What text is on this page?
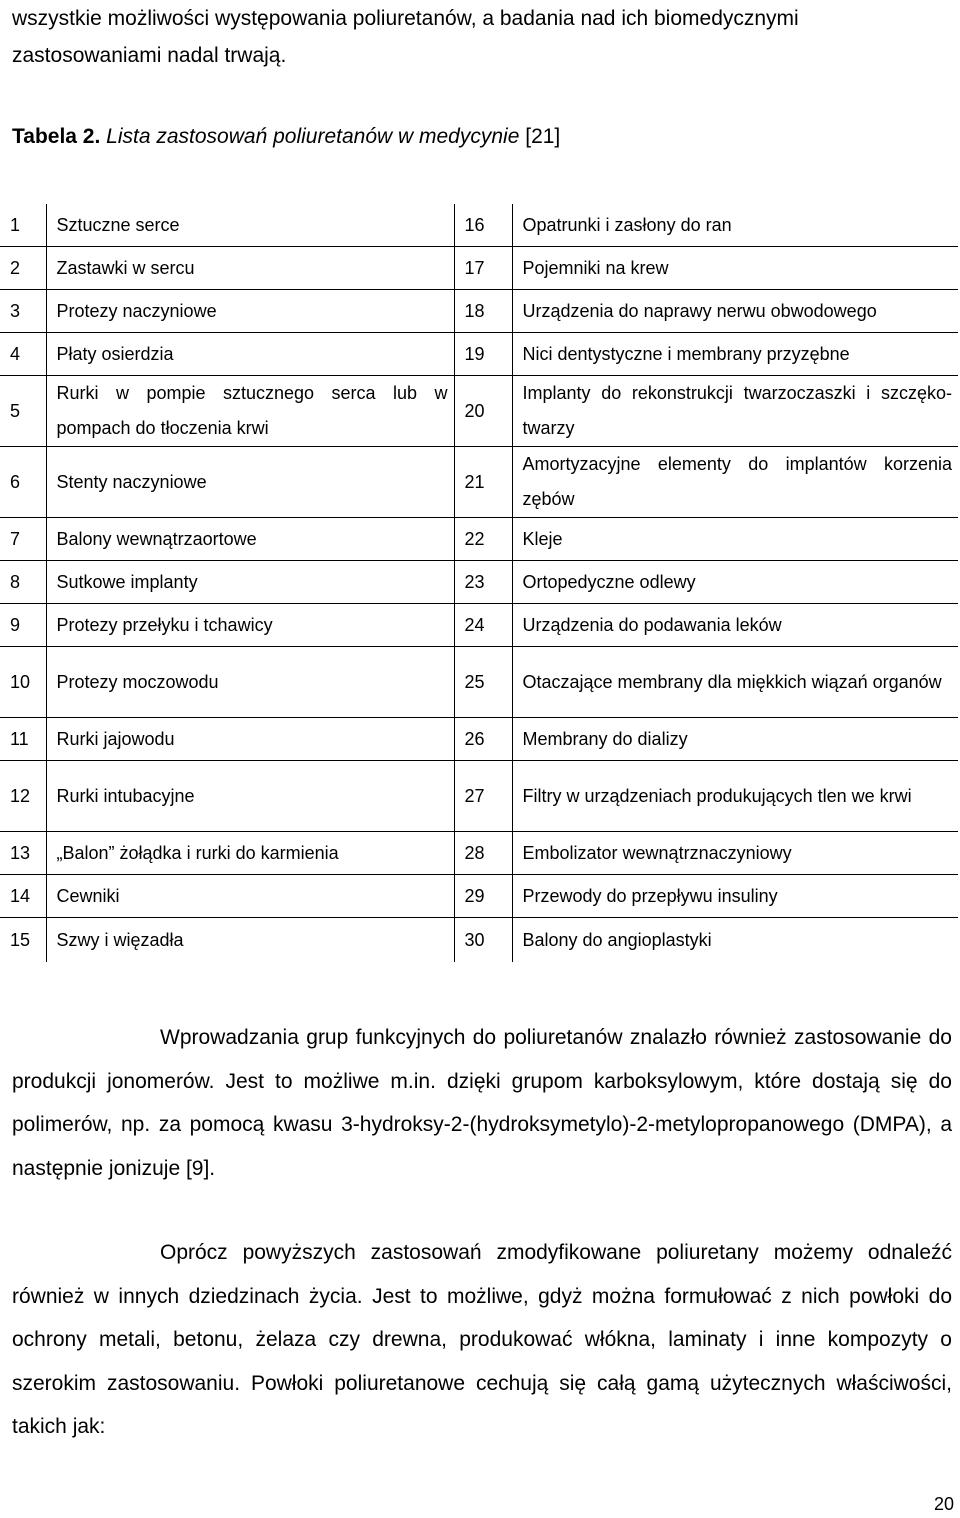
wszystkie możliwości występowania poliuretanów, a badania nad ich biomedycznymi zastosowaniami nadal trwają.
Tabela 2. Lista zastosowań poliuretanów w medycynie [21]
1	Sztuczne serce	16	Opatrunki i zasłony do ran
2	Zastawki w sercu	17	Pojemniki na krew
3	Protezy naczyniowe	18	Urządzenia do naprawy nerwu obwodowego
4	Płaty osierdzia	19	Nici dentystyczne i membrany przyzębne
5	Rurki w pompie sztucznego serca lub w pompach do tłoczenia krwi	20	Implanty do rekonstrukcji twarzoczaszki i szczęko-twarzy
6	Stenty naczyniowe	21	Amortyzacyjne elementy do implantów korzenia zębów
7	Balony wewnątrzaortowe	22	Kleje
8	Sutkowe implanty	23	Ortopedyczne odlewy
9	Protezy przełyku i tchawicy	24	Urządzenia do podawania leków
10	Protezy moczowodu	25	Otaczające membrany dla miękkich wiązań organów
11	Rurki jajowodu	26	Membrany do dializy
12	Rurki intubacyjne	27	Filtry w urządzeniach produkujących tlen we krwi
13	„Balon” żołądka i rurki do karmienia	28	Embolizator wewnątrznaczyniowy
14	Cewniki	29	Przewody do przepływu insuliny
15	Szwy i więzadła	30	Balony do angioplastyki
Wprowadzania grup funkcyjnych do poliuretanów znalazło również zastosowanie do produkcji jonomerów. Jest to możliwe m.in. dzięki grupom karboksylowym, które dostają się do polimerów, np. za pomocą kwasu 3-hydroksy-2-(hydroksymetylo)-2-metylopropanowego (DMPA), a następnie jonizuje [9].
Oprócz powyższych zastosowań zmodyfikowane poliuretany możemy odnaleźć również w innych dziedzinach życia. Jest to możliwe, gdyż można formułować z nich powłoki do ochrony metali, betonu, żelaza czy drewna, produkować włókna, laminaty i inne kompozyty o szerokim zastosowaniu. Powłoki poliuretanowe cechują się całą gamą użytecznych właściwości, takich jak:
20
